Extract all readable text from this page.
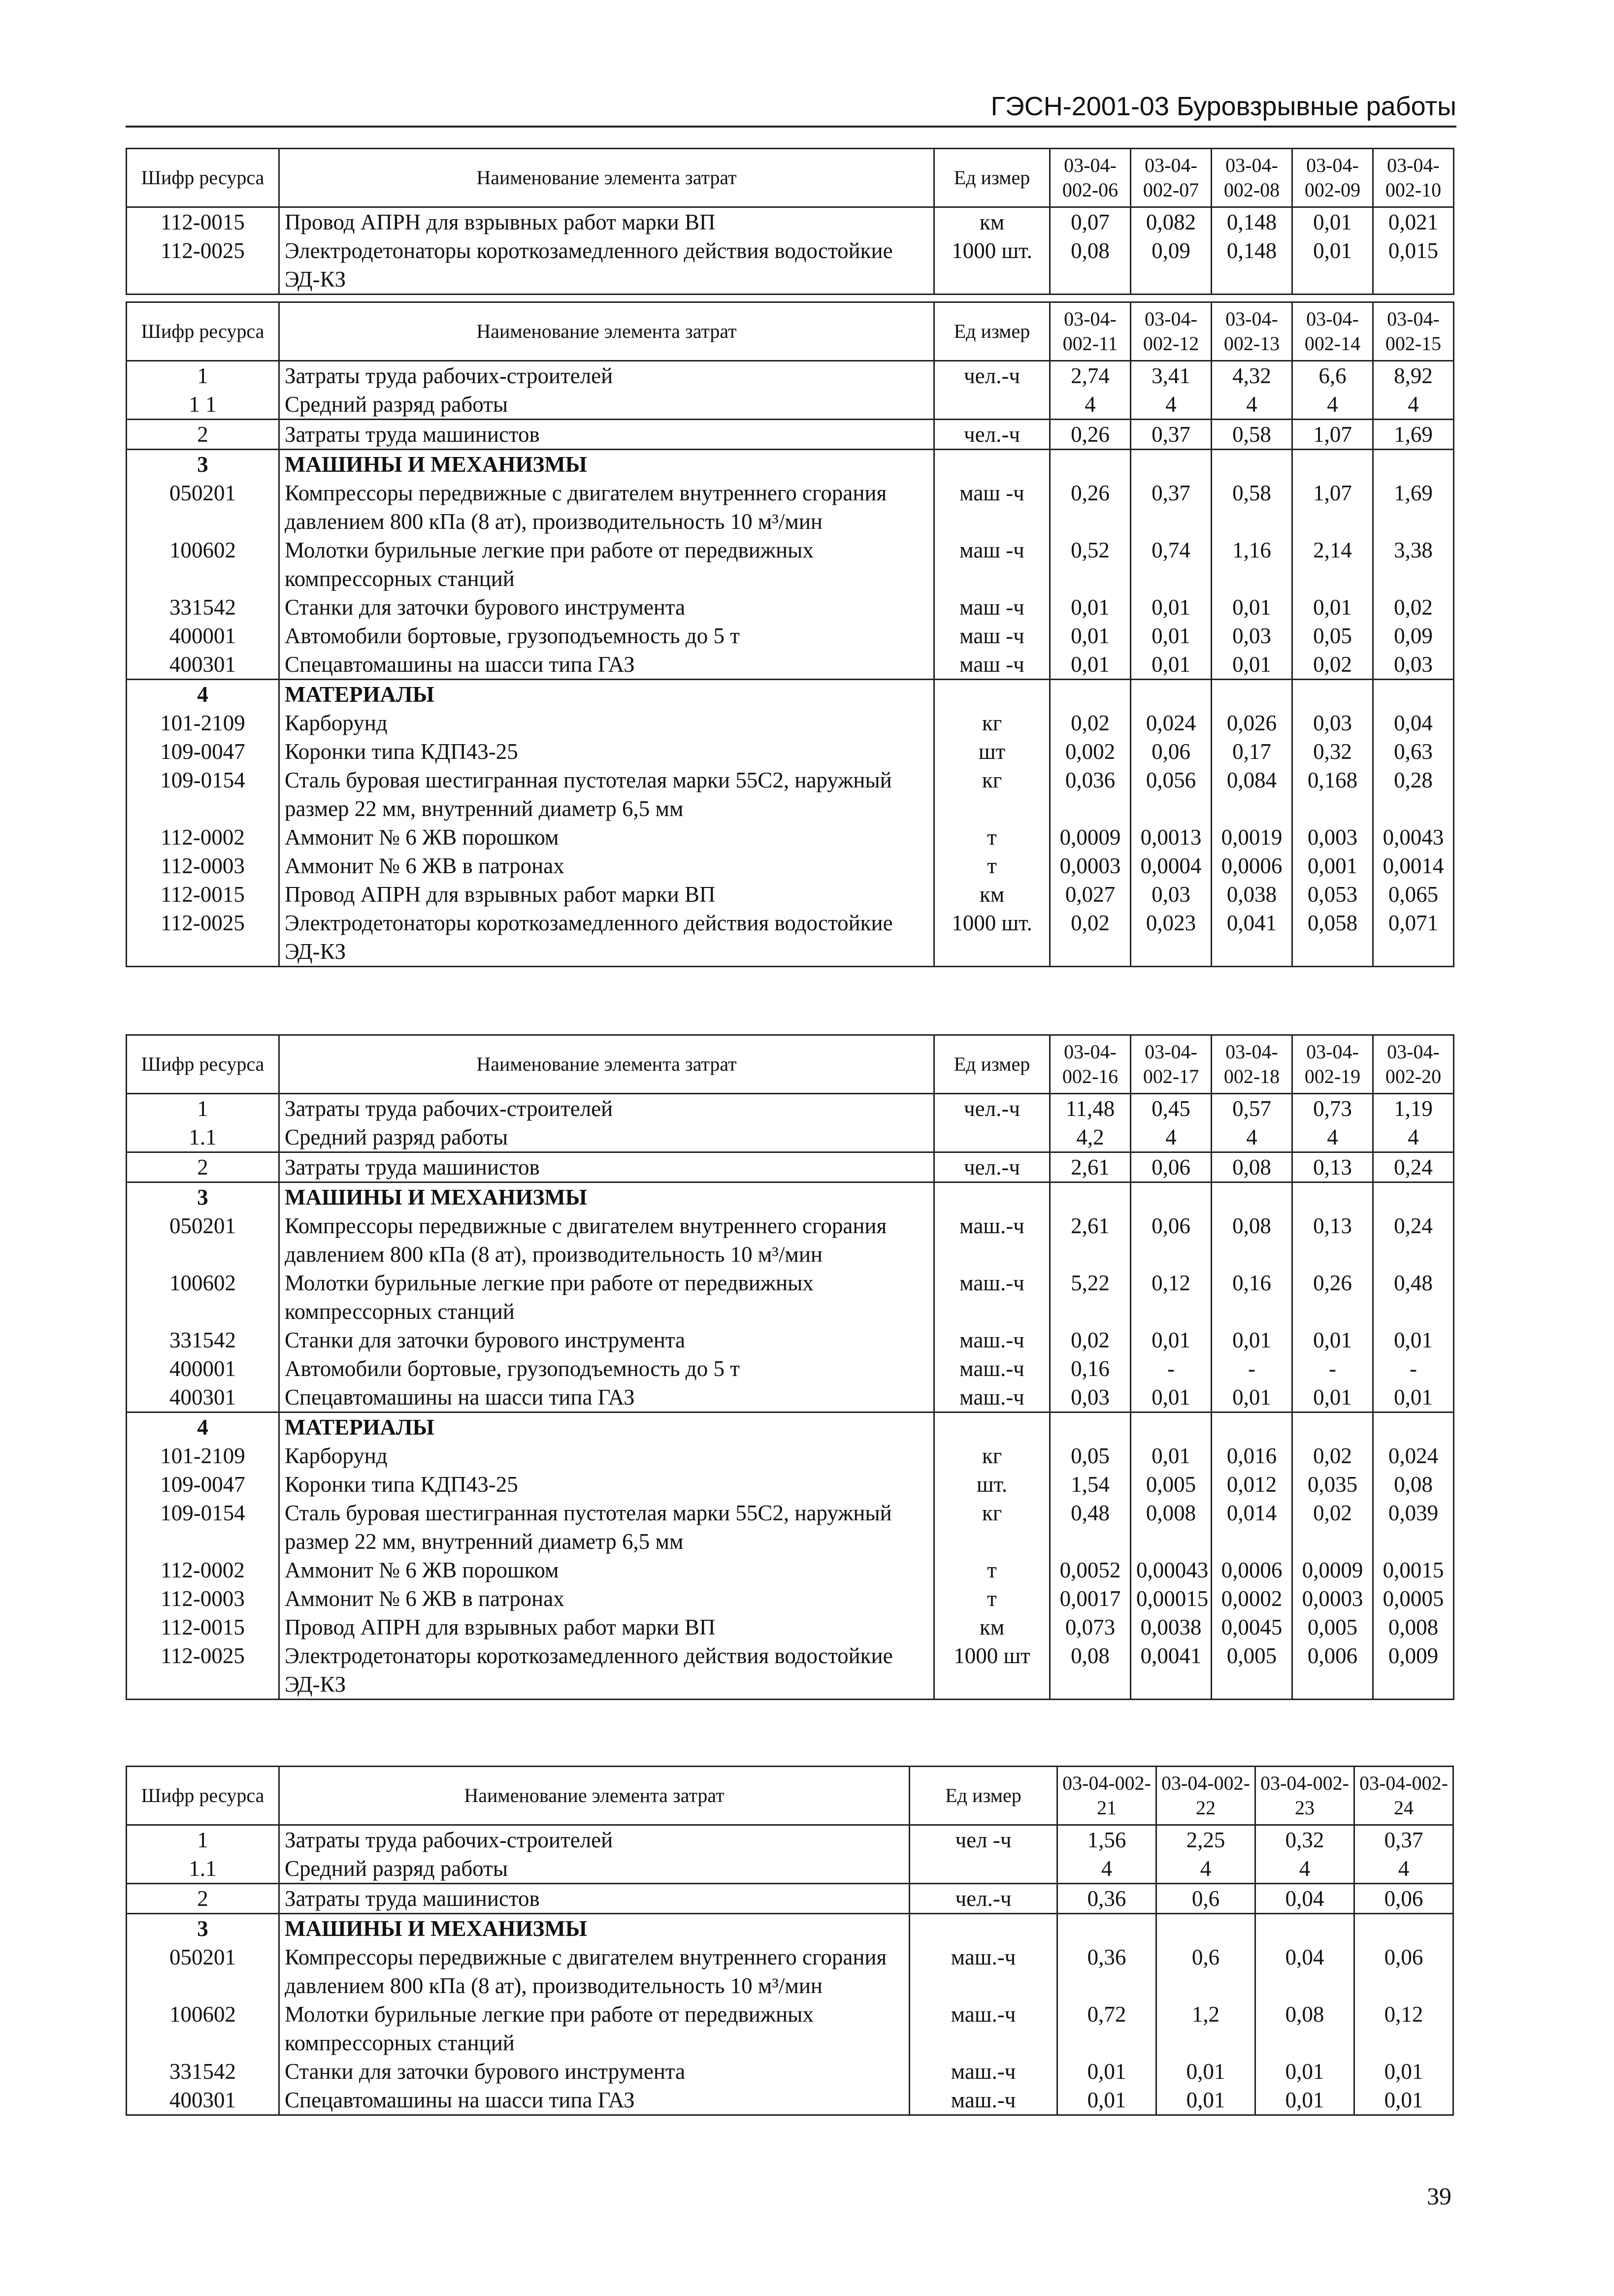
ГЭСН-2001-03 Буровзрывные работы
Шифр ресурса	Наименование элемента затрат	Ед измер	03-04-002-06	03-04-002-07	03-04-002-08	03-04-002-09	03-04-002-10
112-0015	Провод АПРН для взрывных работ марки ВП	км	0,07	0,082	0,148	0,01	0,021
112-0025	Электродетонаторы короткозамедленного действия водостойкие ЭД-КЗ	1000 шт.	0,08	0,09	0,148	0,01	0,015
Шифр ресурса	Наименование элемента затрат	Ед измер	03-04-002-11	03-04-002-12	03-04-002-13	03-04-002-14	03-04-002-15
1	Затраты труда рабочих-строителей	чел.-ч	2,74	3,41	4,32	6,6	8,92
1 1	Средний разряд работы		4	4	4	4	4
2	Затраты труда машинистов	чел.-ч	0,26	0,37	0,58	1,07	1,69
3	МАШИНЫ И МЕХАНИЗМЫ						
050201	Компрессоры передвижные с двигателем внутреннего сгорания давлением 800 кПа (8 ат), производительность 10 м³/мин	маш -ч	0,26	0,37	0,58	1,07	1,69
100602	Молотки бурильные легкие при работе от передвижных компрессорных станций	маш -ч	0,52	0,74	1,16	2,14	3,38
331542	Станки для заточки бурового инструмента	маш -ч	0,01	0,01	0,01	0,01	0,02
400001	Автомобили бортовые, грузоподъемность до 5 т	маш -ч	0,01	0,01	0,03	0,05	0,09
400301	Спецавтомашины на шасси типа ГАЗ	маш -ч	0,01	0,01	0,01	0,02	0,03
4	МАТЕРИАЛЫ						
101-2109	Карборунд	кг	0,02	0,024	0,026	0,03	0,04
109-0047	Коронки типа КДП43-25	шт	0,002	0,06	0,17	0,32	0,63
109-0154	Сталь буровая шестигранная пустотелая марки 55С2, наружный размер 22 мм, внутренний диаметр 6,5 мм	кг	0,036	0,056	0,084	0,168	0,28
112-0002	Аммонит № 6 ЖВ порошком	т	0,0009	0,0013	0,0019	0,003	0,0043
112-0003	Аммонит № 6 ЖВ в патронах	т	0,0003	0,0004	0,0006	0,001	0,0014
112-0015	Провод АПРН для взрывных работ марки ВП	км	0,027	0,03	0,038	0,053	0,065
112-0025	Электродетонаторы короткозамедленного действия водостойкие ЭД-КЗ	1000 шт.	0,02	0,023	0,041	0,058	0,071
Шифр ресурса	Наименование элемента затрат	Ед измер	03-04-002-16	03-04-002-17	03-04-002-18	03-04-002-19	03-04-002-20
1	Затраты труда рабочих-строителей	чел.-ч	11,48	0,45	0,57	0,73	1,19
1.1	Средний разряд работы		4,2	4	4	4	4
2	Затраты труда машинистов	чел.-ч	2,61	0,06	0,08	0,13	0,24
3	МАШИНЫ И МЕХАНИЗМЫ						
050201	Компрессоры передвижные с двигателем внутреннего сгорания давлением 800 кПа (8 ат), производительность 10 м³/мин	маш.-ч	2,61	0,06	0,08	0,13	0,24
100602	Молотки бурильные легкие при работе от передвижных компрессорных станций	маш.-ч	5,22	0,12	0,16	0,26	0,48
331542	Станки для заточки бурового инструмента	маш.-ч	0,02	0,01	0,01	0,01	0,01
400001	Автомобили бортовые, грузоподъемность до 5 т	маш.-ч	0,16	-	-	-	-
400301	Спецавтомашины на шасси типа ГАЗ	маш.-ч	0,03	0,01	0,01	0,01	0,01
4	МАТЕРИАЛЫ						
101-2109	Карборунд	кг	0,05	0,01	0,016	0,02	0,024
109-0047	Коронки типа КДП43-25	шт.	1,54	0,005	0,012	0,035	0,08
109-0154	Сталь буровая шестигранная пустотелая марки 55С2, наружный размер 22 мм, внутренний диаметр 6,5 мм	кг	0,48	0,008	0,014	0,02	0,039
112-0002	Аммонит № 6 ЖВ порошком	т	0,0052	0,00043	0,0006	0,0009	0,0015
112-0003	Аммонит № 6 ЖВ в патронах	т	0,0017	0,00015	0,0002	0,0003	0,0005
112-0015	Провод АПРН для взрывных работ марки ВП	км	0,073	0,0038	0,0045	0,005	0,008
112-0025	Электродетонаторы короткозамедленного действия водостойкие ЭД-КЗ	1000 шт	0,08	0,0041	0,005	0,006	0,009
Шифр ресурса	Наименование элемента затрат	Ед измер	03-04-002-21	03-04-002-22	03-04-002-23	03-04-002-24
1	Затраты труда рабочих-строителей	чел -ч	1,56	2,25	0,32	0,37
1.1	Средний разряд работы		4	4	4	4
2	Затраты труда машинистов	чел.-ч	0,36	0,6	0,04	0,06
3	МАШИНЫ И МЕХАНИЗМЫ					
050201	Компрессоры передвижные с двигателем внутреннего сгорания давлением 800 кПа (8 ат), производительность 10 м³/мин	маш.-ч	0,36	0,6	0,04	0,06
100602	Молотки бурильные легкие при работе от передвижных компрессорных станций	маш.-ч	0,72	1,2	0,08	0,12
331542	Станки для заточки бурового инструмента	маш.-ч	0,01	0,01	0,01	0,01
400301	Спецавтомашины на шасси типа ГАЗ	маш.-ч	0,01	0,01	0,01	0,01
39
